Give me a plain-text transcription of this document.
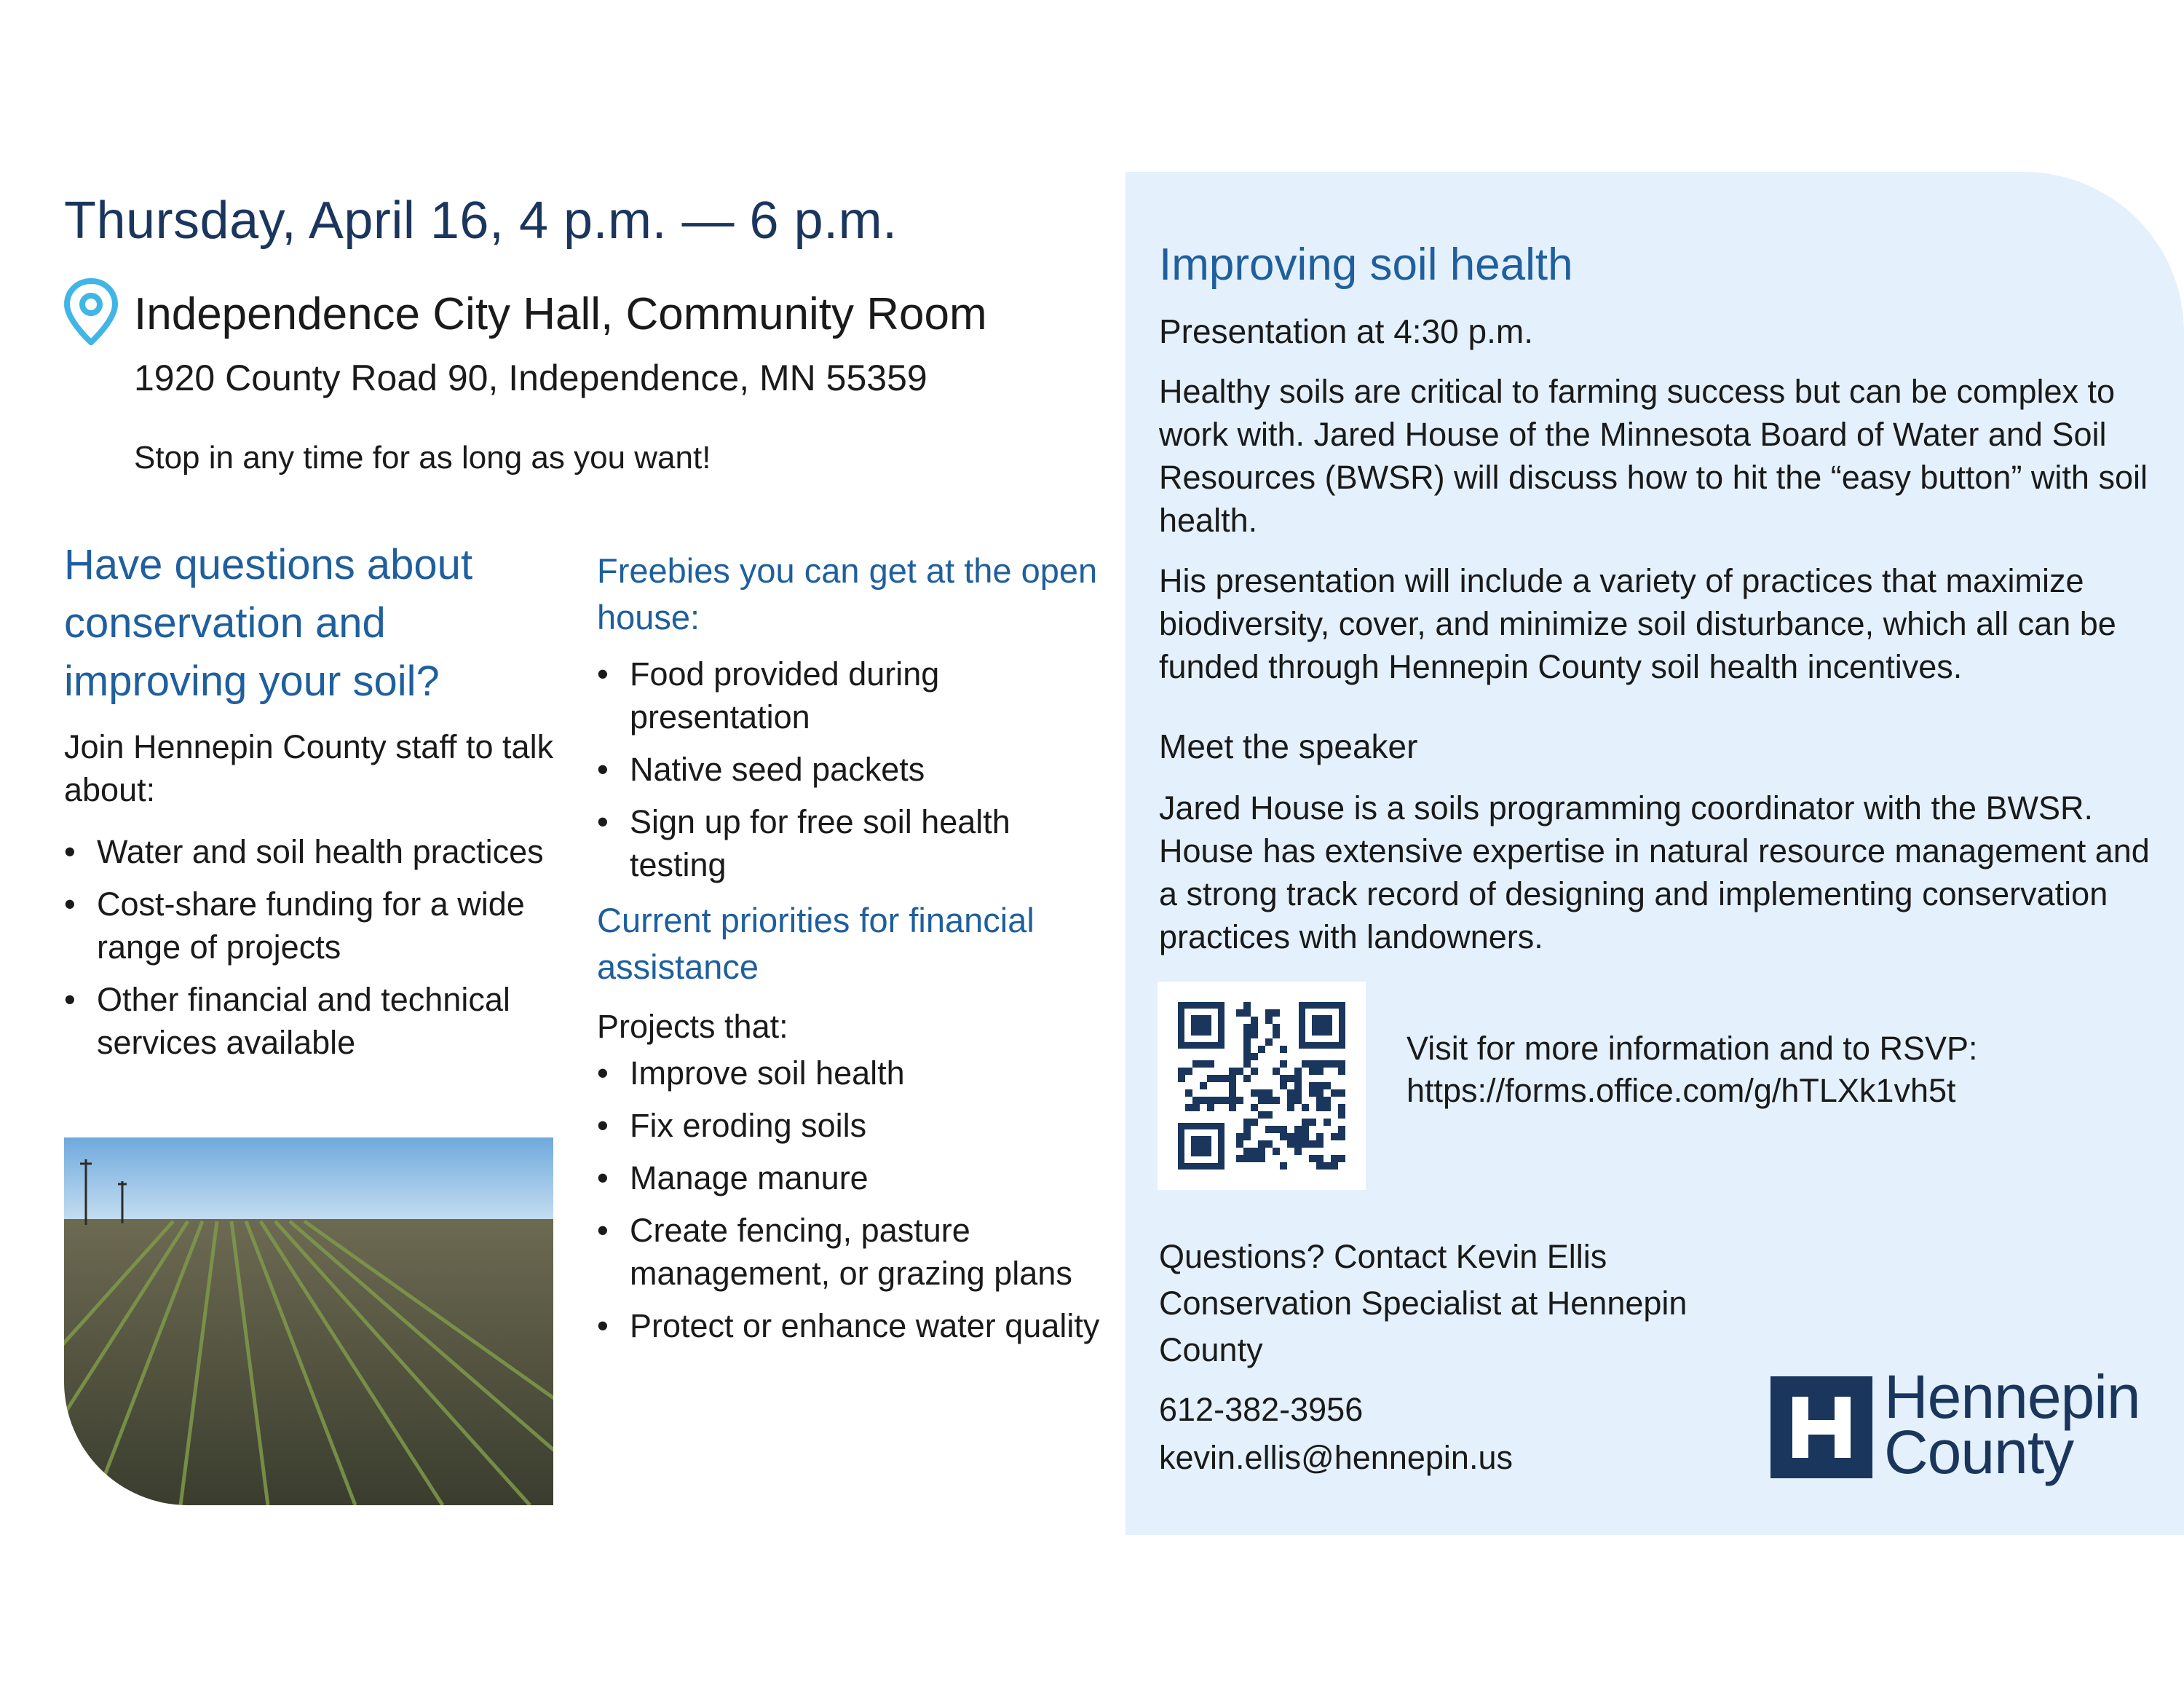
Thursday, April 16, 4 p.m. — 6 p.m.
Independence City Hall, Community Room
1920 County Road 90, Independence, MN 55359
Stop in any time for as long as you want!
Have questions about conservation and improving your soil?
Join Hennepin County staff to talk about:
• Water and soil health practices
• Cost-share funding for a wide range of projects
• Other financial and technical services available
Freebies you can get at the open house:
• Food provided during presentation
• Native seed packets
• Sign up for free soil health testing
Current priorities for financial assistance
Projects that:
• Improve soil health
• Fix eroding soils
• Manage manure
• Create fencing, pasture management, or grazing plans
• Protect or enhance water quality
Improving soil health
Presentation at 4:30 p.m.

Healthy soils are critical to farming success but can be complex to work with. Jared House of the Minnesota Board of Water and Soil Resources (BWSR) will discuss how to hit the “easy button” with soil health.

His presentation will include a variety of practices that maximize biodiversity, cover, and minimize soil disturbance, which all can be funded through Hennepin County soil health incentives.

Meet the speaker

Jared House is a soils programming coordinator with the BWSR. House has extensive expertise in natural resource management and a strong track record of designing and implementing conservation practices with landowners.

Visit for more information and to RSVP:
https://forms.office.com/g/hTLXk1vh5t
Questions? Contact Kevin Ellis Conservation Specialist at Hennepin County
612-382-3956
kevin.ellis@hennepin.us
Hennepin
County
